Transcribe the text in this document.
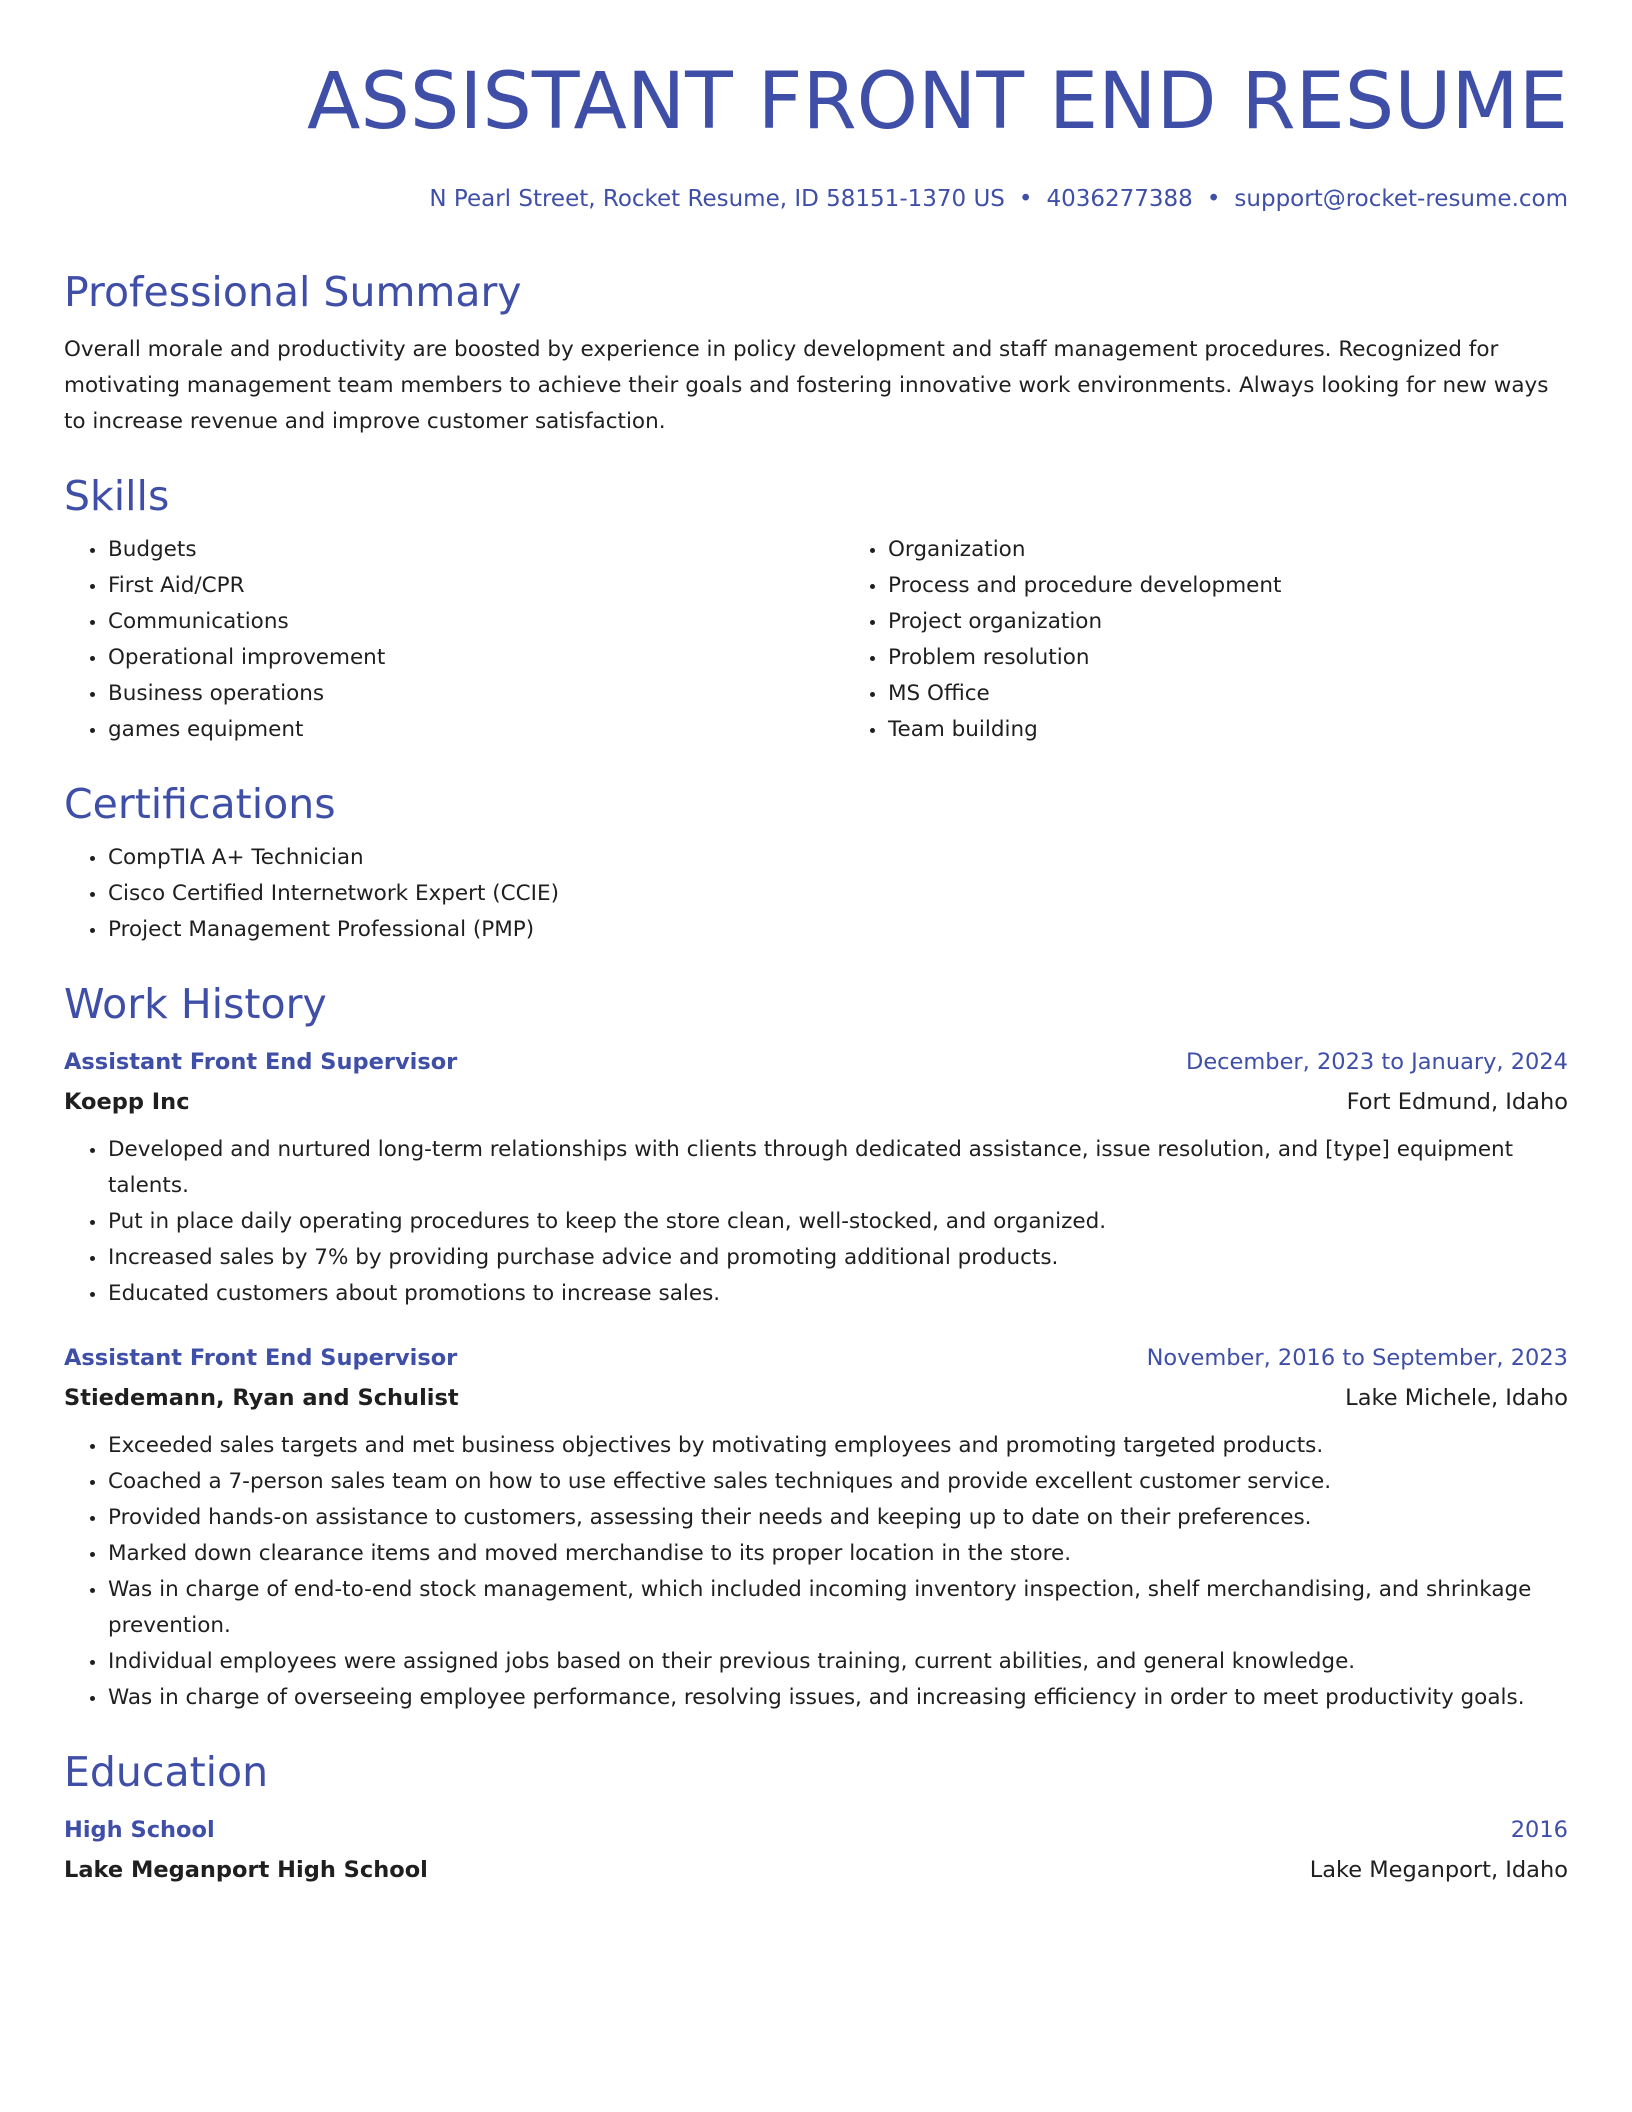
ASSISTANT FRONT END RESUME
N Pearl Street, Rocket Resume, ID 58151-1370 US • 4036277388 • support@rocket-resume.com
Professional Summary

Overall morale and productivity are boosted by experience in policy development and staff management procedures. Recognized for motivating management team members to achieve their goals and fostering innovative work environments. Always looking for new ways to increase revenue and improve customer satisfaction.

Skills
• Budgets
• First Aid/CPR
• Communications
• Operational improvement
• Business operations
• games equipment
• Organization
• Process and procedure development
• Project organization
• Problem resolution
• MS Office
• Team building
Certifications
• CompTIA A+ Technician
• Cisco Certified Internetwork Expert (CCIE)
• Project Management Professional (PMP)
Work History
Assistant Front End Supervisor	December, 2023 to January, 2024
Koepp Inc	Fort Edmund, Idaho
• Developed and nurtured long-term relationships with clients through dedicated assistance, issue resolution, and [type] equipment talents.
• Put in place daily operating procedures to keep the store clean, well-stocked, and organized.
• Increased sales by 7% by providing purchase advice and promoting additional products.
• Educated customers about promotions to increase sales.
Assistant Front End Supervisor	November, 2016 to September, 2023
Stiedemann, Ryan and Schulist	Lake Michele, Idaho
• Exceeded sales targets and met business objectives by motivating employees and promoting targeted products.
• Coached a 7-person sales team on how to use effective sales techniques and provide excellent customer service.
• Provided hands-on assistance to customers, assessing their needs and keeping up to date on their preferences.
• Marked down clearance items and moved merchandise to its proper location in the store.
• Was in charge of end-to-end stock management, which included incoming inventory inspection, shelf merchandising, and shrinkage prevention.
• Individual employees were assigned jobs based on their previous training, current abilities, and general knowledge.
• Was in charge of overseeing employee performance, resolving issues, and increasing efficiency in order to meet productivity goals.
Education
High School	2016
Lake Meganport High School	Lake Meganport, Idaho
